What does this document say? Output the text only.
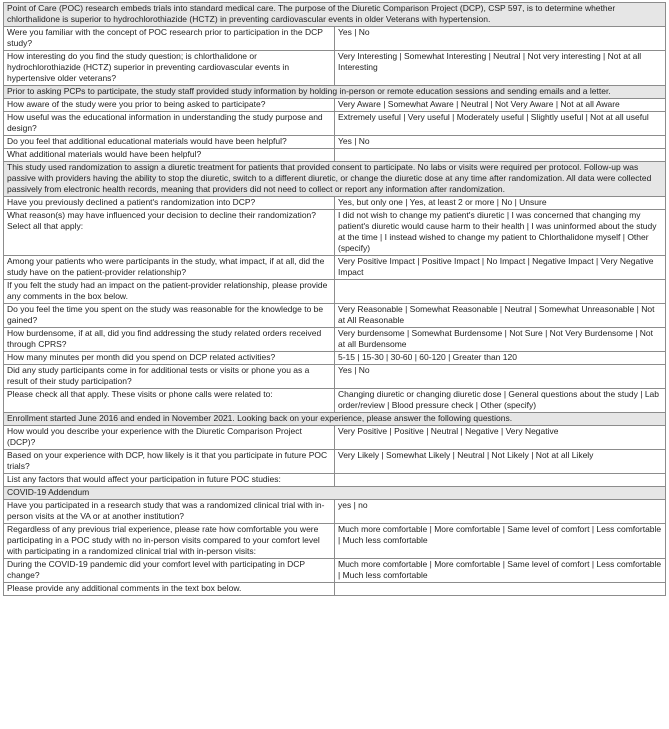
Point of Care (POC) research embeds trials into standard medical care. The purpose of the Diuretic Comparison Project (DCP), CSP 597, is to determine whether chlorthalidone is superior to hydrochlorothiazide (HCTZ) in preventing cardiovascular events in older Veterans with hypertension.	
Were you familiar with the concept of POC research prior to participation in the DCP study?	Yes | No
How interesting do you find the study question; is chlorthalidone or hydrochlorothiazide (HCTZ) superior in preventing cardiovascular events in hypertensive older veterans?	Very Interesting | Somewhat Interesting | Neutral | Not very interesting | Not at all Interesting
Prior to asking PCPs to participate, the study staff provided study information by holding in-person or remote education sessions and sending emails and a letter.	
How aware of the study were you prior to being asked to participate?	Very Aware | Somewhat Aware | Neutral | Not Very Aware | Not at all Aware
How useful was the educational information in understanding the study purpose and design?	Extremely useful | Very useful | Moderately useful | Slightly useful | Not at all useful
Do you feel that additional educational materials would have been helpful?	Yes | No
What additional materials would have been helpful?	
This study used randomization to assign a diuretic treatment for patients that provided consent to participate. No labs or visits were required per protocol. Follow-up was passive with providers having the ability to stop the diuretic, switch to a different diuretic, or change the diuretic dose at any time after randomization. All data were collected passively from electronic health records, meaning that providers did not need to collect or report any information after randomization.	
Have you previously declined a patient's randomization into DCP?	Yes, but only one | Yes, at least 2 or more | No | Unsure
What reason(s) may have influenced your decision to decline their randomization? Select all that apply:	I did not wish to change my patient's diuretic | I was concerned that changing my patient's diuretic would cause harm to their health | I was uninformed about the study at the time | I instead wished to change my patient to Chlorthalidone myself | Other (specify)
Among your patients who were participants in the study, what impact, if at all, did the study have on the patient-provider relationship?	Very Positive Impact | Positive Impact | No Impact | Negative Impact | Very Negative Impact
If you felt the study had an impact on the patient-provider relationship, please provide any comments in the box below.	
Do you feel the time you spent on the study was reasonable for the knowledge to be gained?	Very Reasonable | Somewhat Reasonable | Neutral | Somewhat Unreasonable | Not at All Reasonable
How burdensome, if at all, did you find addressing the study related orders received through CPRS?	Very burdensome | Somewhat Burdensome | Not Sure | Not Very Burdensome | Not at all Burdensome
How many minutes per month did you spend on DCP related activities?	5-15 | 15-30 | 30-60 | 60-120 | Greater than 120
Did any study participants come in for additional tests or visits or phone you as a result of their study participation?	Yes | No
Please check all that apply. These visits or phone calls were related to:	Changing diuretic or changing diuretic dose | General questions about the study | Lab order/review | Blood pressure check | Other (specify)
Enrollment started June 2016 and ended in November 2021. Looking back on your experience, please answer the following questions.	
How would you describe your experience with the Diuretic Comparison Project (DCP)?	Very Positive | Positive | Neutral | Negative | Very Negative
Based on your experience with DCP, how likely is it that you participate in future POC trials?	Very Likely | Somewhat Likely | Neutral | Not Likely | Not at all Likely
List any factors that would affect your participation in future POC studies:	
COVID-19 Addendum	
Have you participated in a research study that was a randomized clinical trial with in-person visits at the VA or at another institution?	yes | no
Regardless of any previous trial experience, please rate how comfortable you were participating in a POC study with no in-person visits compared to your comfort level with participating in a randomized clinical trial with in-person visits:	Much more comfortable | More comfortable | Same level of comfort | Less comfortable | Much less comfortable
During the COVID-19 pandemic did your comfort level with participating in DCP change?	Much more comfortable | More comfortable | Same level of comfort | Less comfortable | Much less comfortable
Please provide any additional comments in the text box below.	
